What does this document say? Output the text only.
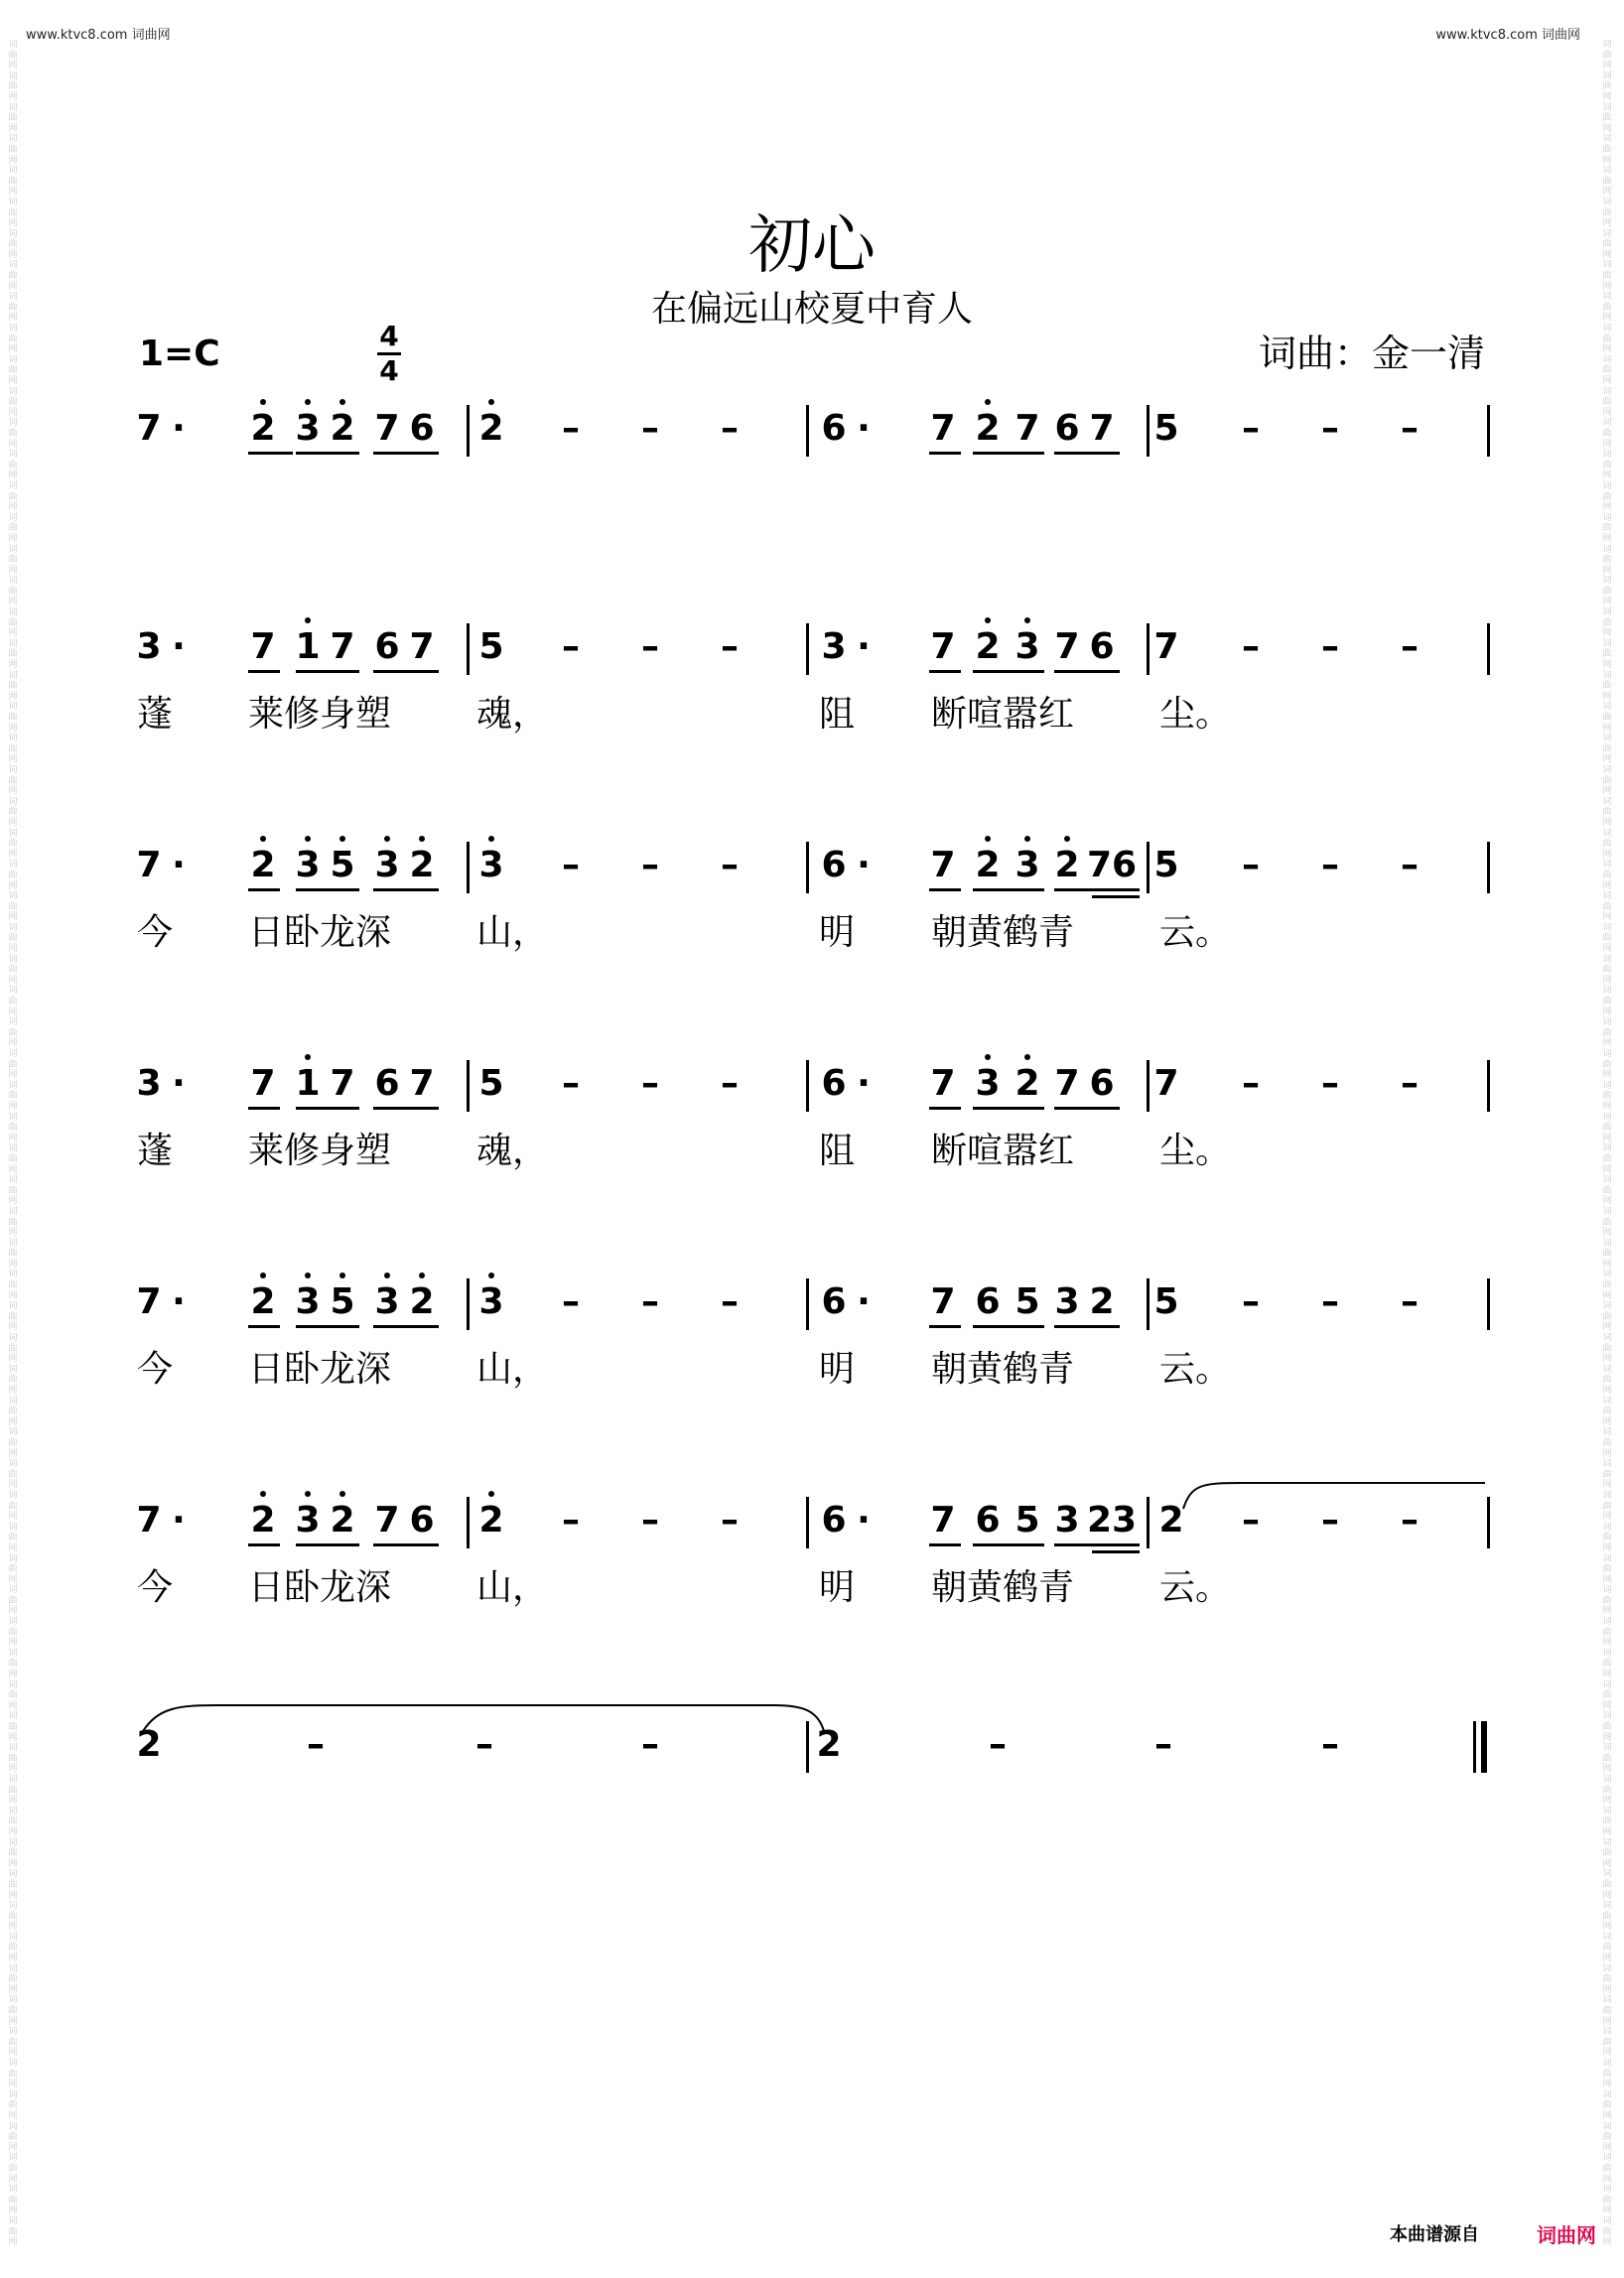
www.ktvc8.com 词曲网	www.ktvc8.com 词曲网
词
曲
网
词
曲
网
词
曲
网
词
曲
网
词
曲
网
词
曲
网
词
曲
网
词
曲
网
词
曲
网
词
曲
网
词
曲
网
词
曲
网
词
曲
网
词
曲
网
词
曲
网
词
曲
网
词
曲
网
词
曲
网
词
曲
网
词
曲
网
词
曲
网
词
曲
网
词
曲
网
词
曲
网
词
曲
网
词
曲
网
词
曲
网
词
曲
网
词
曲
网
词
曲
网
词
曲
网
词
曲
网
词
曲
网
词
曲
网
词
曲
网
词
曲
网
词
曲
网
词
曲
网
词
曲
网
词
曲
网
词
曲
网
词
曲
网
词
曲
网
词
曲
网
词
曲
网
词
曲
网
词
曲
网
词
曲
网
词
曲
网
词
曲
网
词
曲
网
词
曲
网
词
曲
网
词
曲
网
词
曲
网
词
曲
网
词
曲
网
词
曲
网
词
曲
网
词
曲
网
词
曲
网
词
曲
网
词
曲
网
词
曲
网
词
曲
网
词
曲
网
词
曲
网
词
曲
网
词
曲
网
词
曲
网
词
曲
网
词
曲
网
词
曲
网
词
曲
网
词
曲
网
词
曲
网
词
曲
网
词
曲
网
词
曲
网
词
曲
网
词
曲
网
词
曲
网
词
曲
网
词
曲
网
词
曲
网
词
曲
网
词
曲
网
词
曲
网
词
曲
网
词
曲
网
词
曲
网
词
曲
网
词
曲
网
词
曲
网
词
曲
网
词
曲
网
词
曲
网
词
曲
网
词
曲
网
词
曲
网
词
曲
网
词
曲
网
词
曲
网
词
曲
网
词
曲
网
词
曲
网
词
曲
网
词
曲
网
词
曲
网
词
曲
网
词
曲
网
词
曲
网
词
曲
网
词
曲
网
词
曲
网
词
曲
网
词
曲
网
词
曲
网
词
曲
网
词
曲
网
词
曲
网
词
曲
网
词
曲
网
词
曲
网
词
曲
网
词
曲
网
词
曲
网
词
曲
网
词
曲
网
词
曲
网
词
曲
网
词
曲
网
词
曲
网
词
曲
网
词
曲
网
词
曲
网
词
曲
网
词
曲
网
词
曲
网
词
曲
网
初心
在偏远山校夏中育人
1=C	4
4	词曲：金一清
7 · 2 3 2 7 6 2 – – – 6 · 7 2 7 6 7 5 – – –
3 · 7 1 7 6 7 5 – – – 3 · 7 2 3 7 6 7 – – –
蓬 莱修身塑 魂，	阻 断喧嚣红 尘。
7 · 2 3 5 3 2 3 – – – 6 · 7 2 3 2 76 5 – – –
今 日卧龙深 山，	明 朝黄鹤青 云。
3 · 7 1 7 6 7 5 – – – 6 · 7 3 2 7 6 7 – – –
蓬 莱修身塑 魂，	阻 断喧嚣红 尘。
7 · 2 3 5 3 2 3 – – – 6 · 7 6 5 3 2 5 – – –
今 日卧龙深 山，	明 朝黄鹤青 云。
7 · 2 3 2 7 6 2 – – – 6 · 7 6 5 3 23 2 – – –
今 日卧龙深 山，	明 朝黄鹤青 云。
2	–	–	–	2	–	–	–
本曲谱源自	词曲网
